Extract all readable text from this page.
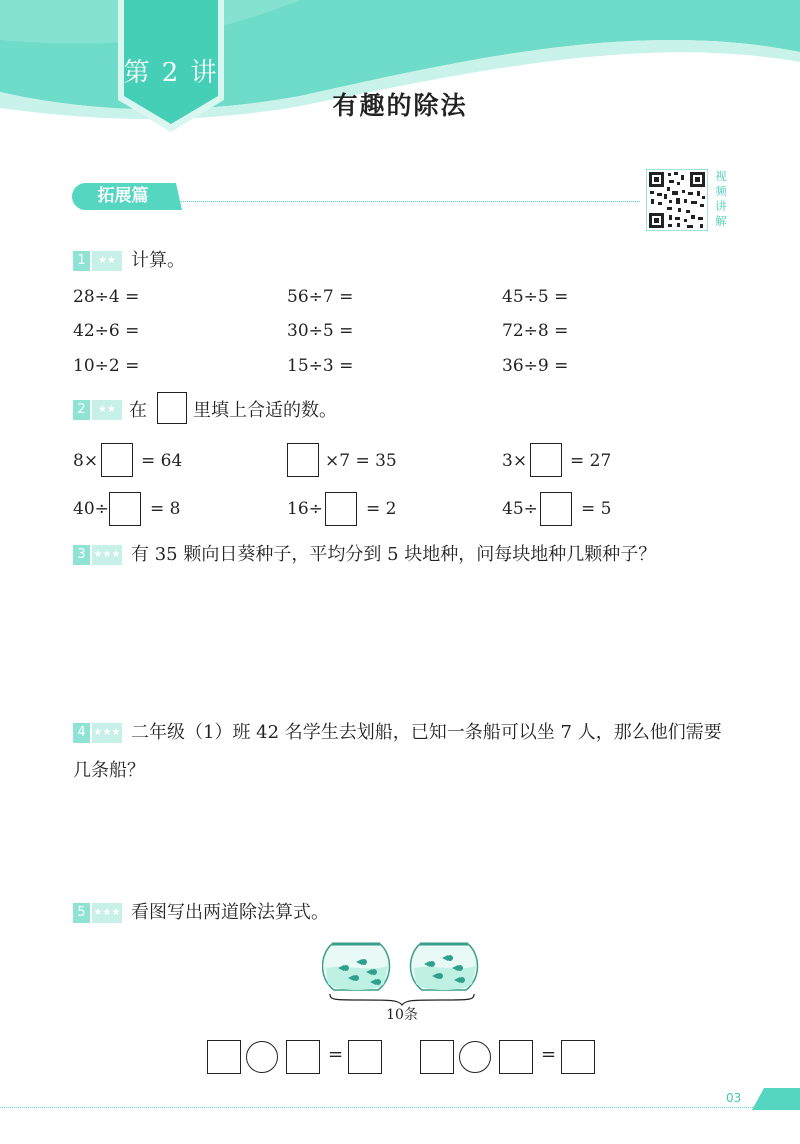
第 2 讲
有趣的除法
拓展篇
视频讲解
1 ★★ 计算。
28÷4 =	56÷7 =	45÷5 =
42÷6 =	30÷5 =	72÷8 =
10÷2 =	15÷3 =	36÷9 =
2 ★★ 在	里填上合适的数。
8×	= 64	×7 = 35	3×	= 27
40÷ = 8	16÷	= 2	45÷	= 5
3 ★★★ 有 35 颗向日葵种子，平均分到 5 块地种，问每块地种几颗种子？
4 ★★★ 二年级（1）班 42 名学生去划船，已知一条船可以坐 7 人，那么他们需要
几条船？
5 ★★★ 看图写出两道除法算式。
10条
=	=
03
